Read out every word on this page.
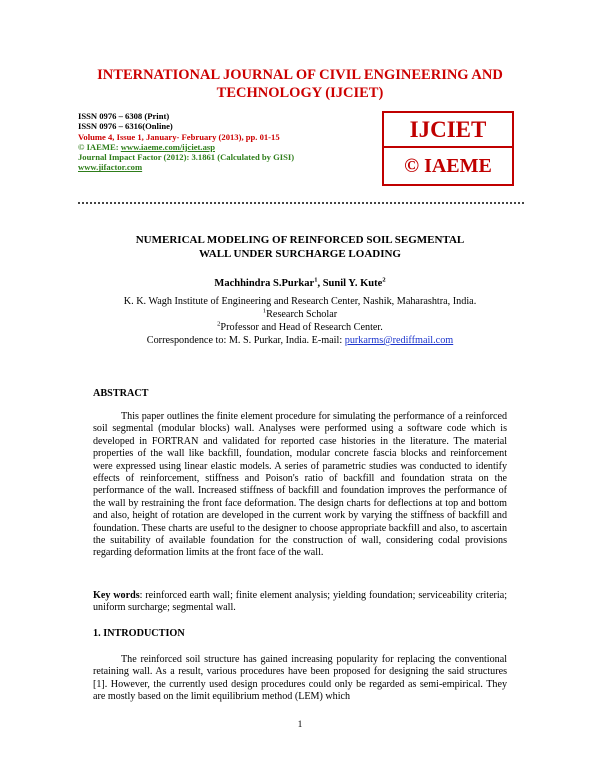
INTERNATIONAL JOURNAL OF CIVIL ENGINEERING AND TECHNOLOGY (IJCIET)
ISSN 0976 – 6308 (Print)
ISSN 0976 – 6316(Online)
Volume 4, Issue 1, January- February (2013), pp. 01-15
© IAEME: www.iaeme.com/ijciet.asp
Journal Impact Factor (2012): 3.1861 (Calculated by GISI)
www.jifactor.com
IJCIET
© IAEME
NUMERICAL MODELING OF REINFORCED SOIL SEGMENTAL
WALL UNDER SURCHARGE LOADING
Machhindra S.Purkar$^1$, Sunil Y. Kute$^2$
K. K. Wagh Institute of Engineering and Research Center, Nashik, Maharashtra, India.
$^1$Research Scholar
$^2$Professor and Head of Research Center.
Correspondence to: M. S. Purkar, India. E-mail: purkarms@rediffmail.com
ABSTRACT

This paper outlines the finite element procedure for simulating the performance of a reinforced soil segmental (modular blocks) wall. Analyses were performed using a software code which is developed in FORTRAN and validated for reported case histories in the literature. The material properties of the wall like backfill, foundation, modular concrete fascia blocks and reinforcement were expressed using linear elastic models. A series of parametric studies was conducted to identify effects of reinforcement, stiffness and Poison's ratio of backfill and foundation strata on the performance of the wall. Increased stiffness of backfill and foundation improves the performance of the wall by restraining the front face deformation. The design charts for deflections at top and bottom and also, height of rotation are developed in the current work by varying the stiffness of backfill and foundation. These charts are useful to the designer to choose appropriate backfill and also, to ascertain the suitability of available foundation for the construction of wall, considering codal provisions regarding deformation limits at the front face of the wall.

Key words: reinforced earth wall; finite element analysis; yielding foundation; serviceability criteria; uniform surcharge; segmental wall.

1. INTRODUCTION

The reinforced soil structure has gained increasing popularity for replacing the conventional retaining wall. As a result, various procedures have been proposed for designing the said structures [1]. However, the currently used design procedures could only be regarded as semi-empirical. They are mostly based on the limit equilibrium method (LEM) which

1
